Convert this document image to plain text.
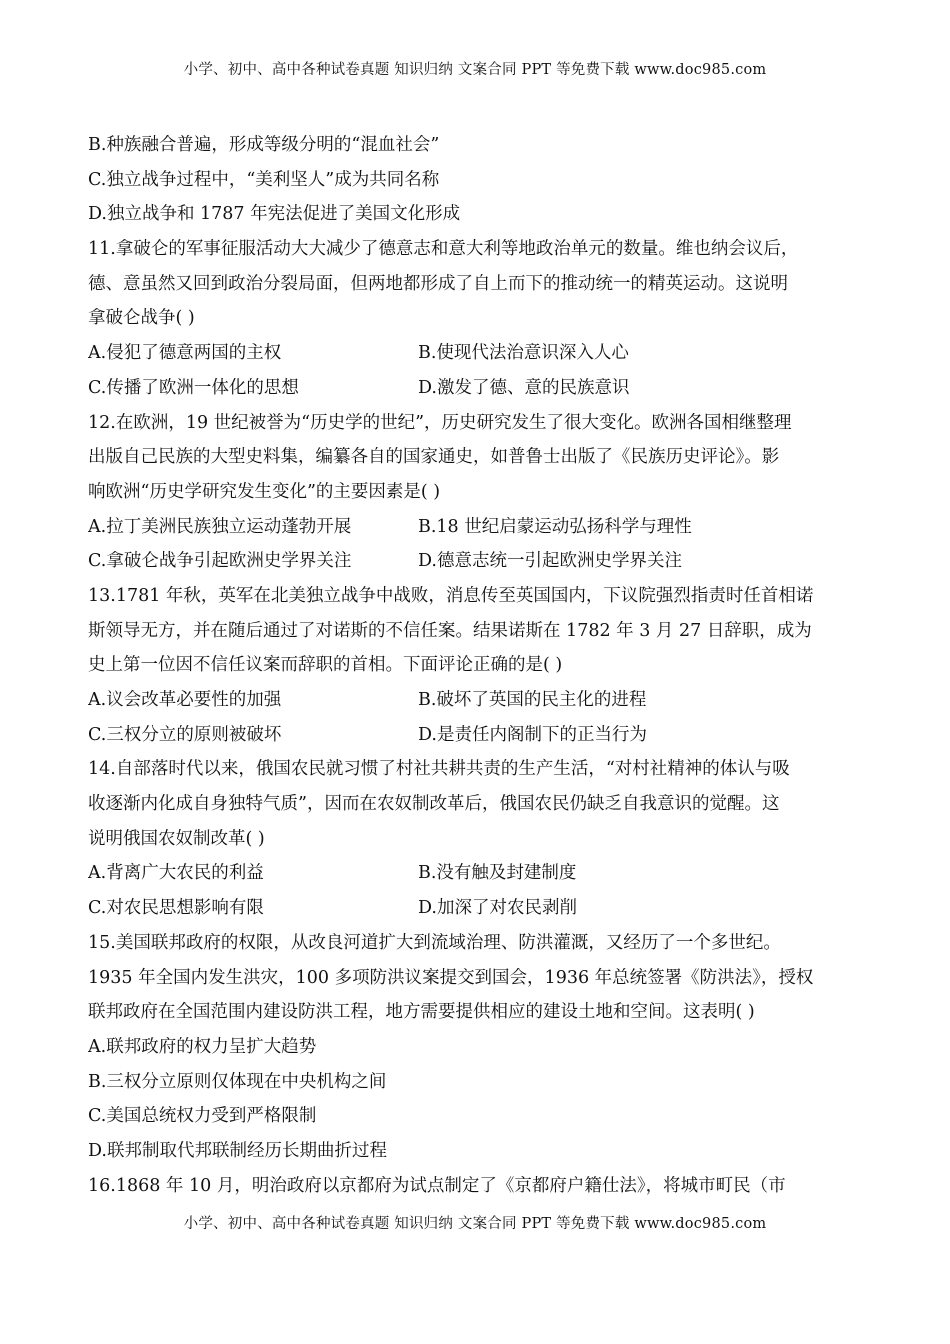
小学、初中、高中各种试卷真题 知识归纳 文案合同 PPT 等免费下载 www.doc985.com
B.种族融合普遍，形成等级分明的“混血社会”
C.独立战争过程中，“美利坚人”成为共同名称
D.独立战争和 1787 年宪法促进了美国文化形成
11.拿破仑的军事征服活动大大减少了德意志和意大利等地政治单元的数量。维也纳会议后，
德、意虽然又回到政治分裂局面，但两地都形成了自上而下的推动统一的精英运动。这说明
拿破仑战争( )
A.侵犯了德意两国的主权	B.使现代法治意识深入人心
C.传播了欧洲一体化的思想	D.激发了德、意的民族意识
12.在欧洲，19 世纪被誉为“历史学的世纪”，历史研究发生了很大变化。欧洲各国相继整理
出版自己民族的大型史料集，编纂各自的国家通史，如普鲁士出版了《民族历史评论》。影
响欧洲“历史学研究发生变化”的主要因素是( )
A.拉丁美洲民族独立运动蓬勃开展	B.18 世纪启蒙运动弘扬科学与理性
C.拿破仑战争引起欧洲史学界关注	D.德意志统一引起欧洲史学界关注
13.1781 年秋，英军在北美独立战争中战败，消息传至英国国内，下议院强烈指责时任首相诺
斯领导无方，并在随后通过了对诺斯的不信任案。结果诺斯在 1782 年 3 月 27 日辞职，成为
史上第一位因不信任议案而辞职的首相。下面评论正确的是( )
A.议会改革必要性的加强	B.破坏了英国的民主化的进程
C.三权分立的原则被破坏	D.是责任内阁制下的正当行为
14.自部落时代以来，俄国农民就习惯了村社共耕共责的生产生活，“对村社精神的体认与吸
收逐渐内化成自身独特气质”，因而在农奴制改革后，俄国农民仍缺乏自我意识的觉醒。这
说明俄国农奴制改革( )
A.背离广大农民的利益	B.没有触及封建制度
C.对农民思想影响有限	D.加深了对农民剥削
15.美国联邦政府的权限，从改良河道扩大到流域治理、防洪灌溉，又经历了一个多世纪。
1935 年全国内发生洪灾，100 多项防洪议案提交到国会，1936 年总统签署《防洪法》，授权
联邦政府在全国范围内建设防洪工程，地方需要提供相应的建设土地和空间。这表明( )
A.联邦政府的权力呈扩大趋势
B.三权分立原则仅体现在中央机构之间
C.美国总统权力受到严格限制
D.联邦制取代邦联制经历长期曲折过程
16.1868 年 10 月，明治政府以京都府为试点制定了《京都府户籍仕法》，将城市町民（市
小学、初中、高中各种试卷真题 知识归纳 文案合同 PPT 等免费下载 www.doc985.com
